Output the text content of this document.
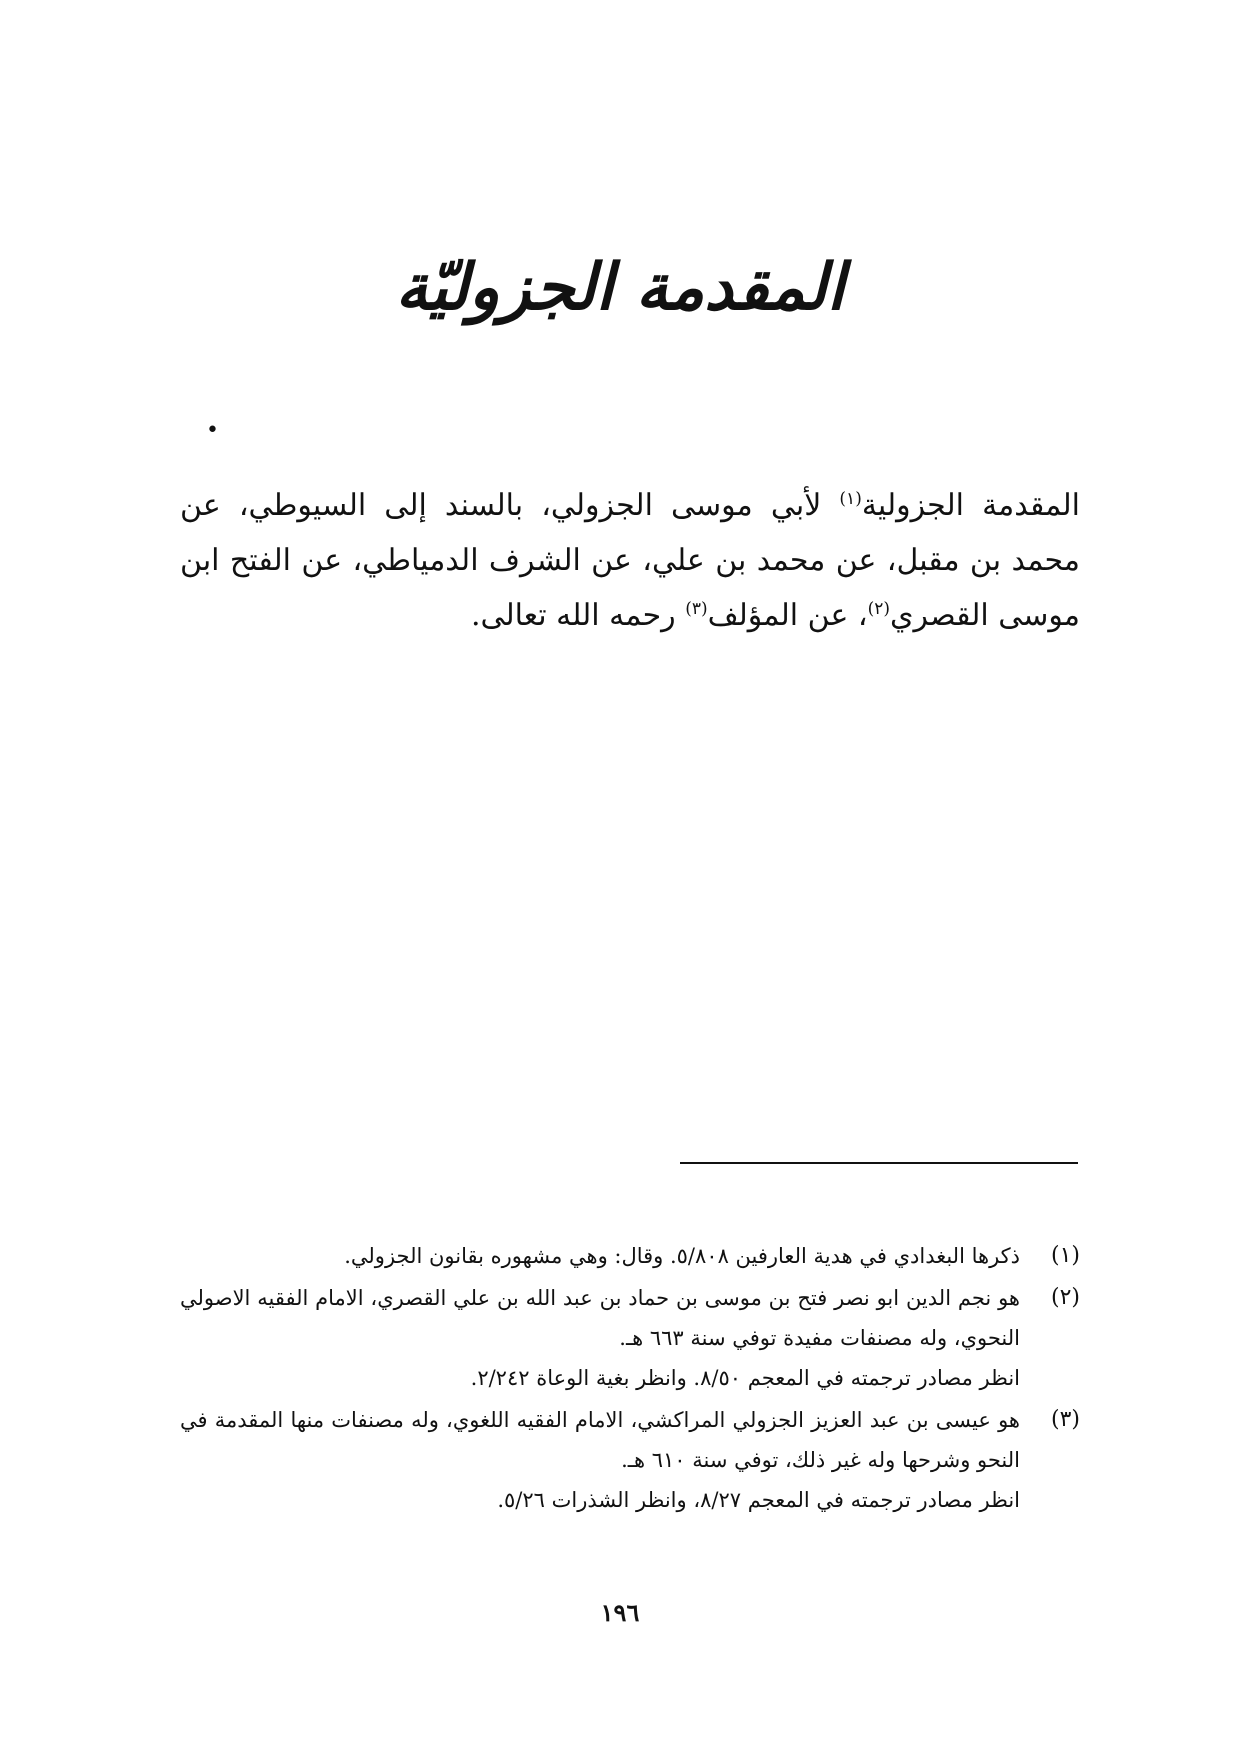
المقدمة الجزوليّة
•
المقدمة الجزولية$^{(١)}$ لأبي موسى الجزولي، بالسند إلى السيوطي، عن محمد بن مقبل، عن محمد بن علي، عن الشرف الدمياطي، عن الفتح ابن موسى القصري$^{(٢)}$، عن المؤلف$^{(٣)}$ رحمه الله تعالى.
(١)
ذكرها البغدادي في هدية العارفين ٥/٨٠٨. وقال: وهي مشهوره بقانون الجزولي.
(٢)
هو نجم الدين ابو نصر فتح بن موسى بن حماد بن عبد الله بن علي القصري، الامام الفقيه الاصولي النحوي، وله مصنفات مفيدة توفي سنة ٦٦٣ هـ.
انظر مصادر ترجمته في المعجم ٨/٥٠. وانظر بغية الوعاة ٢/٢٤٢.
(٣)
هو عيسى بن عبد العزيز الجزولي المراكشي، الامام الفقيه اللغوي، وله مصنفات منها المقدمة في النحو وشرحها وله غير ذلك، توفي سنة ٦١٠ هـ.
انظر مصادر ترجمته في المعجم ٨/٢٧، وانظر الشذرات ٥/٢٦.
١٩٦
